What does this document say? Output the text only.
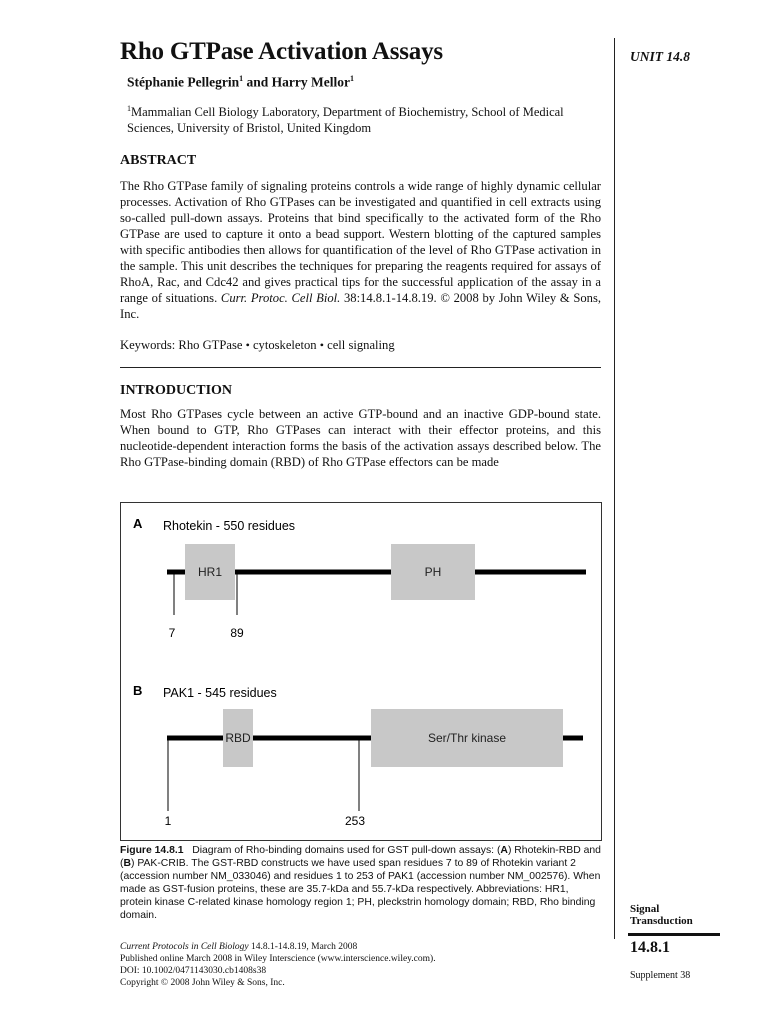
Rho GTPase Activation Assays
Stéphanie Pellegrin$^1$ and Harry Mellor$^1$
$^1$Mammalian Cell Biology Laboratory, Department of Biochemistry, School of Medical Sciences, University of Bristol, United Kingdom
ABSTRACT
The Rho GTPase family of signaling proteins controls a wide range of highly dynamic cellular processes. Activation of Rho GTPases can be investigated and quantified in cell extracts using so-called pull-down assays. Proteins that bind specifically to the activated form of the Rho GTPase are used to capture it onto a bead support. Western blotting of the captured samples with specific antibodies then allows for quantification of the level of Rho GTPase activation in the sample. This unit describes the techniques for preparing the reagents required for assays of RhoA, Rac, and Cdc42 and gives practical tips for the successful application of the assay in a range of situations. Curr. Protoc. Cell Biol. 38:14.8.1-14.8.19. © 2008 by John Wiley & Sons, Inc.
Keywords: Rho GTPase • cytoskeleton • cell signaling
INTRODUCTION
Most Rho GTPases cycle between an active GTP-bound and an inactive GDP-bound state. When bound to GTP, Rho GTPases can interact with their effector proteins, and this nucleotide-dependent interaction forms the basis of the activation assays described below. The Rho GTPase-binding domain (RBD) of Rho GTPase effectors can be made
A Rhotekin - 550 residues
HR1	PH
7	89
B PAK1 - 545 residues
RBD	Ser/Thr kinase
1	253
Figure 14.8.1 Diagram of Rho-binding domains used for GST pull-down assays: (A) Rhotekin-RBD and (B) PAK-CRIB. The GST-RBD constructs we have used span residues 7 to 89 of Rhotekin variant 2 (accession number NM_033046) and residues 1 to 253 of PAK1 (accession number NM_002576). When made as GST-fusion proteins, these are 35.7-kDa and 55.7-kDa respectively. Abbreviations: HR1, protein kinase C-related kinase homology region 1; PH, pleckstrin homology domain; RBD, Rho binding domain.
UNIT 14.8
Signal
Transduction
14.8.1
Supplement 38
Current Protocols in Cell Biology 14.8.1-14.8.19, March 2008
Published online March 2008 in Wiley Interscience (www.interscience.wiley.com).
DOI: 10.1002/0471143030.cb1408s38
Copyright © 2008 John Wiley & Sons, Inc.
